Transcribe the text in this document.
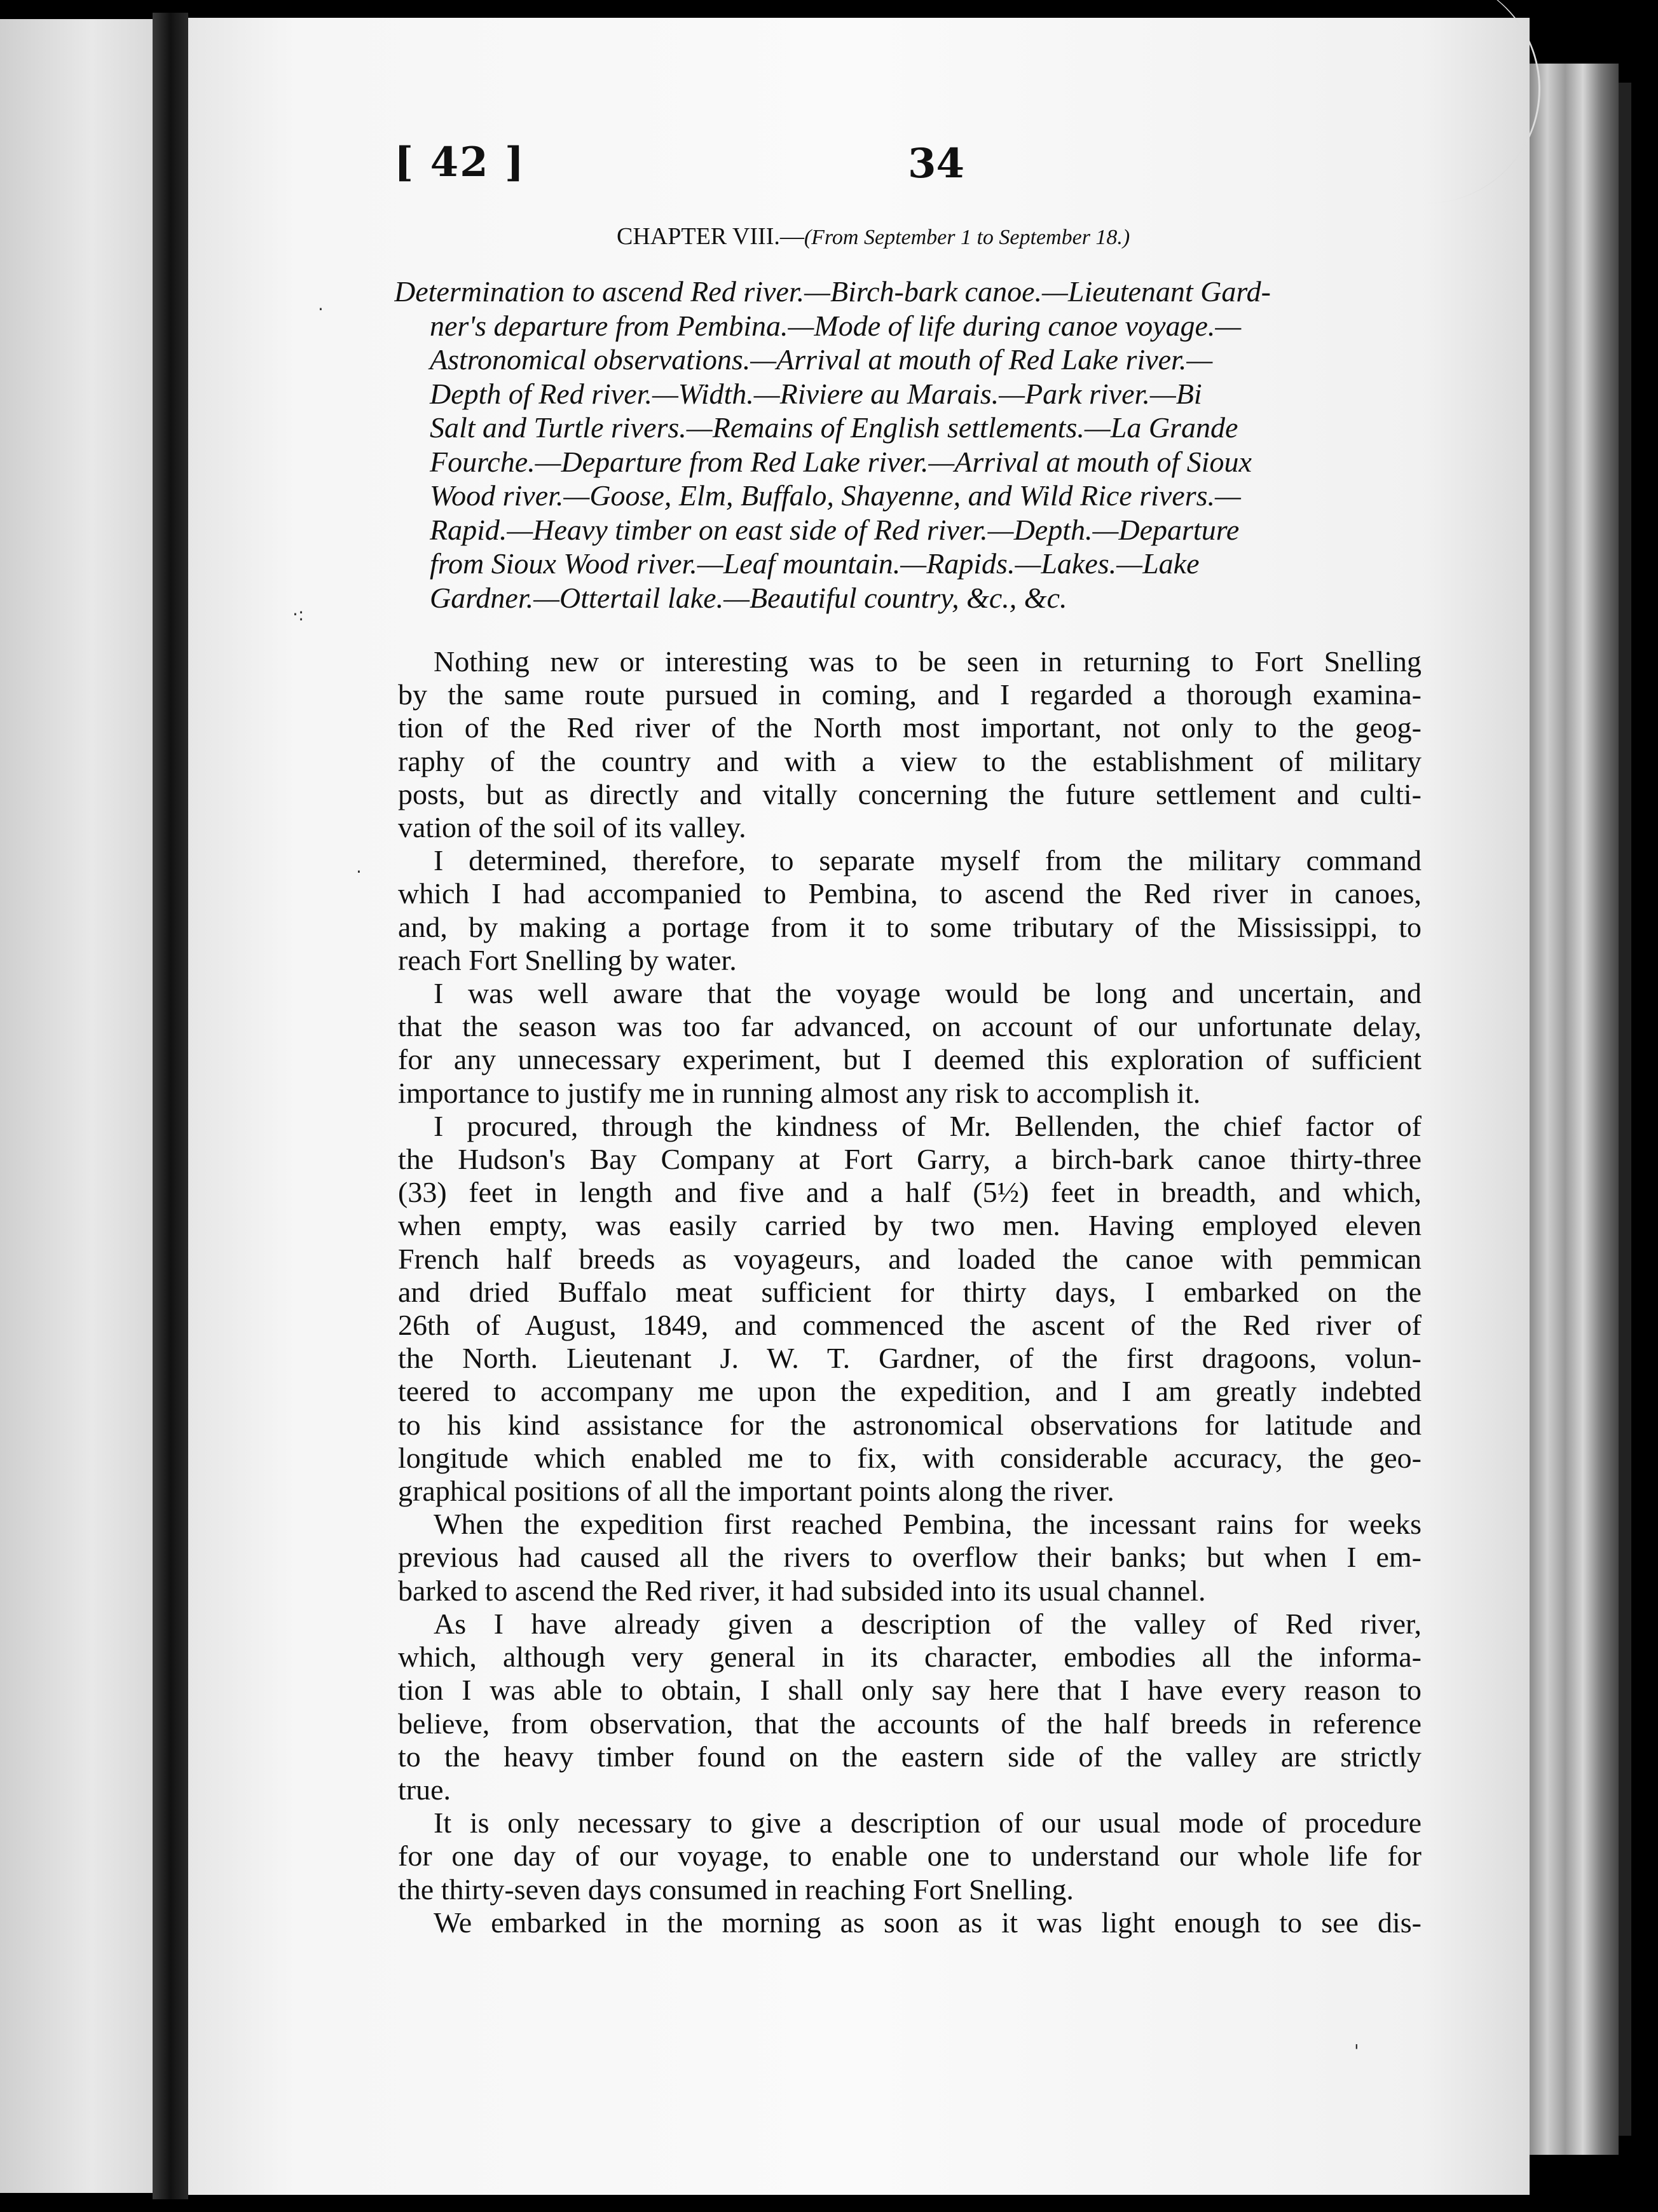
[ 42 ]	34
CHAPTER VIII.—(From September 1 to September 18.)
Determination to ascend Red river.—Birch-bark canoe.—Lieutenant Gard-
ner's departure from Pembina.—Mode of life during canoe voyage.—
Astronomical observations.—Arrival at mouth of Red Lake river.—
Depth of Red river.—Width.—Riviere au Marais.—Park river.—Bi
Salt and Turtle rivers.—Remains of English settlements.—La Grande
Fourche.—Departure from Red Lake river.—Arrival at mouth of Sioux
Wood river.—Goose, Elm, Buffalo, Shayenne, and Wild Rice rivers.—
Rapid.—Heavy timber on east side of Red river.—Depth.—Departure
from Sioux Wood river.—Leaf mountain.—Rapids.—Lakes.—Lake
Gardner.—Ottertail lake.—Beautiful country, &c., &c.
Nothing new or interesting was to be seen in returning to Fort Snelling
by the same route pursued in coming, and I regarded a thorough examina-
tion of the Red river of the North most important, not only to the geog-
raphy of the country and with a view to the establishment of military
posts, but as directly and vitally concerning the future settlement and culti-
vation of the soil of its valley.
I determined, therefore, to separate myself from the military command
which I had accompanied to Pembina, to ascend the Red river in canoes,
and, by making a portage from it to some tributary of the Mississippi, to
reach Fort Snelling by water.
I was well aware that the voyage would be long and uncertain, and
that the season was too far advanced, on account of our unfortunate delay,
for any unnecessary experiment, but I deemed this exploration of sufficient
importance to justify me in running almost any risk to accomplish it.
I procured, through the kindness of Mr. Bellenden, the chief factor of
the Hudson's Bay Company at Fort Garry, a birch-bark canoe thirty-three
(33) feet in length and five and a half (5½) feet in breadth, and which,
when empty, was easily carried by two men. Having employed eleven
French half breeds as voyageurs, and loaded the canoe with pemmican
and dried Buffalo meat sufficient for thirty days, I embarked on the
26th of August, 1849, and commenced the ascent of the Red river of
the North. Lieutenant J. W. T. Gardner, of the first dragoons, volun-
teered to accompany me upon the expedition, and I am greatly indebted
to his kind assistance for the astronomical observations for latitude and
longitude which enabled me to fix, with considerable accuracy, the geo-
graphical positions of all the important points along the river.
When the expedition first reached Pembina, the incessant rains for weeks
previous had caused all the rivers to overflow their banks; but when I em-
barked to ascend the Red river, it had subsided into its usual channel.
As I have already given a description of the valley of Red river,
which, although very general in its character, embodies all the informa-
tion I was able to obtain, I shall only say here that I have every reason to
believe, from observation, that the accounts of the half breeds in reference
to the heavy timber found on the eastern side of the valley are strictly
true.
It is only necessary to give a description of our usual mode of procedure
for one day of our voyage, to enable one to understand our whole life for
the thirty-seven days consumed in reaching Fort Snelling.
We embarked in the morning as soon as it was light enough to see dis-
·
·:
·
'
